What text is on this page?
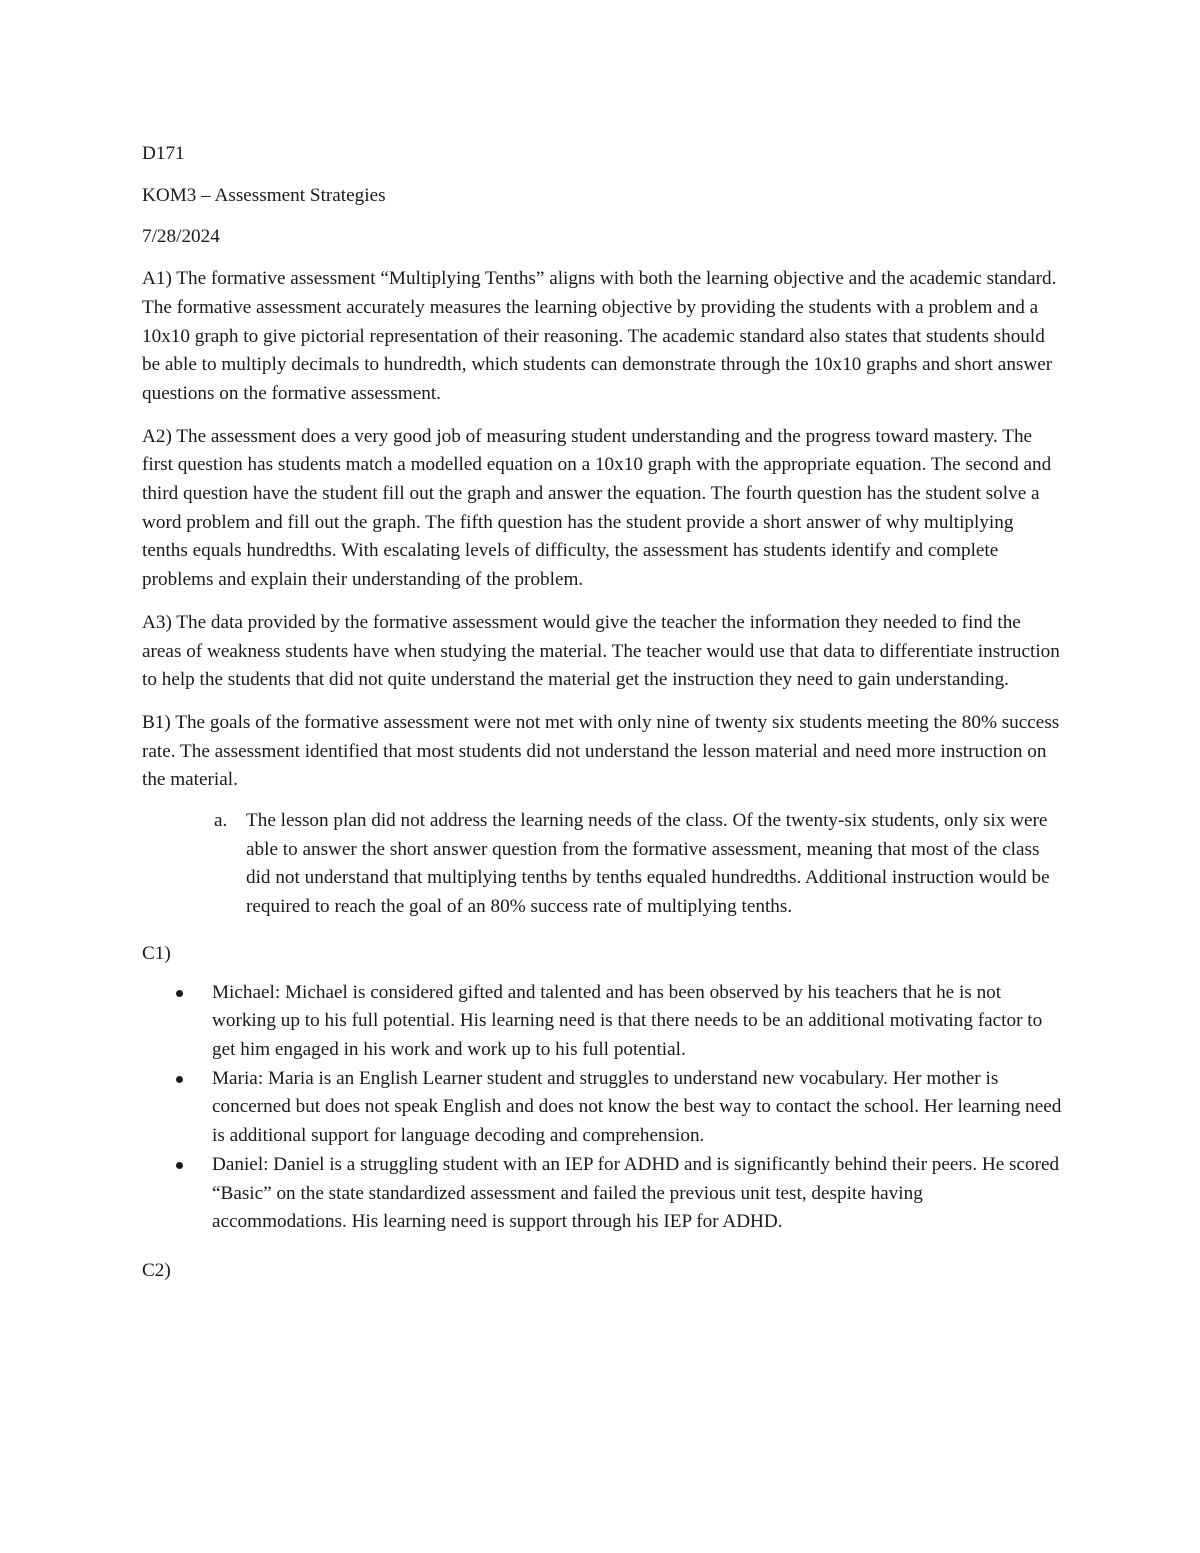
D171

KOM3 – Assessment Strategies

7/28/2024

A1) The formative assessment “Multiplying Tenths” aligns with both the learning objective and the academic standard. The formative assessment accurately measures the learning objective by providing the students with a problem and a 10x10 graph to give pictorial representation of their reasoning. The academic standard also states that students should be able to multiply decimals to hundredth, which students can demonstrate through the 10x10 graphs and short answer questions on the formative assessment.

A2) The assessment does a very good job of measuring student understanding and the progress toward mastery. The first question has students match a modelled equation on a 10x10 graph with the appropriate equation. The second and third question have the student fill out the graph and answer the equation. The fourth question has the student solve a word problem and fill out the graph. The fifth question has the student provide a short answer of why multiplying tenths equals hundredths. With escalating levels of difficulty, the assessment has students identify and complete problems and explain their understanding of the problem.

A3) The data provided by the formative assessment would give the teacher the information they needed to find the areas of weakness students have when studying the material. The teacher would use that data to differentiate instruction to help the students that did not quite understand the material get the instruction they need to gain understanding.

B1) The goals of the formative assessment were not met with only nine of twenty six students meeting the 80% success rate. The assessment identified that most students did not understand the lesson material and need more instruction on the material.

a. The lesson plan did not address the learning needs of the class. Of the twenty-six students, only six were able to answer the short answer question from the formative assessment, meaning that most of the class did not understand that multiplying tenths by tenths equaled hundredths. Additional instruction would be required to reach the goal of an 80% success rate of multiplying tenths.

C1)

Michael: Michael is considered gifted and talented and has been observed by his teachers that he is not working up to his full potential. His learning need is that there needs to be an additional motivating factor to get him engaged in his work and work up to his full potential.
Maria: Maria is an English Learner student and struggles to understand new vocabulary. Her mother is concerned but does not speak English and does not know the best way to contact the school. Her learning need is additional support for language decoding and comprehension.
Daniel: Daniel is a struggling student with an IEP for ADHD and is significantly behind their peers. He scored “Basic” on the state standardized assessment and failed the previous unit test, despite having accommodations. His learning need is support through his IEP for ADHD.

C2)
